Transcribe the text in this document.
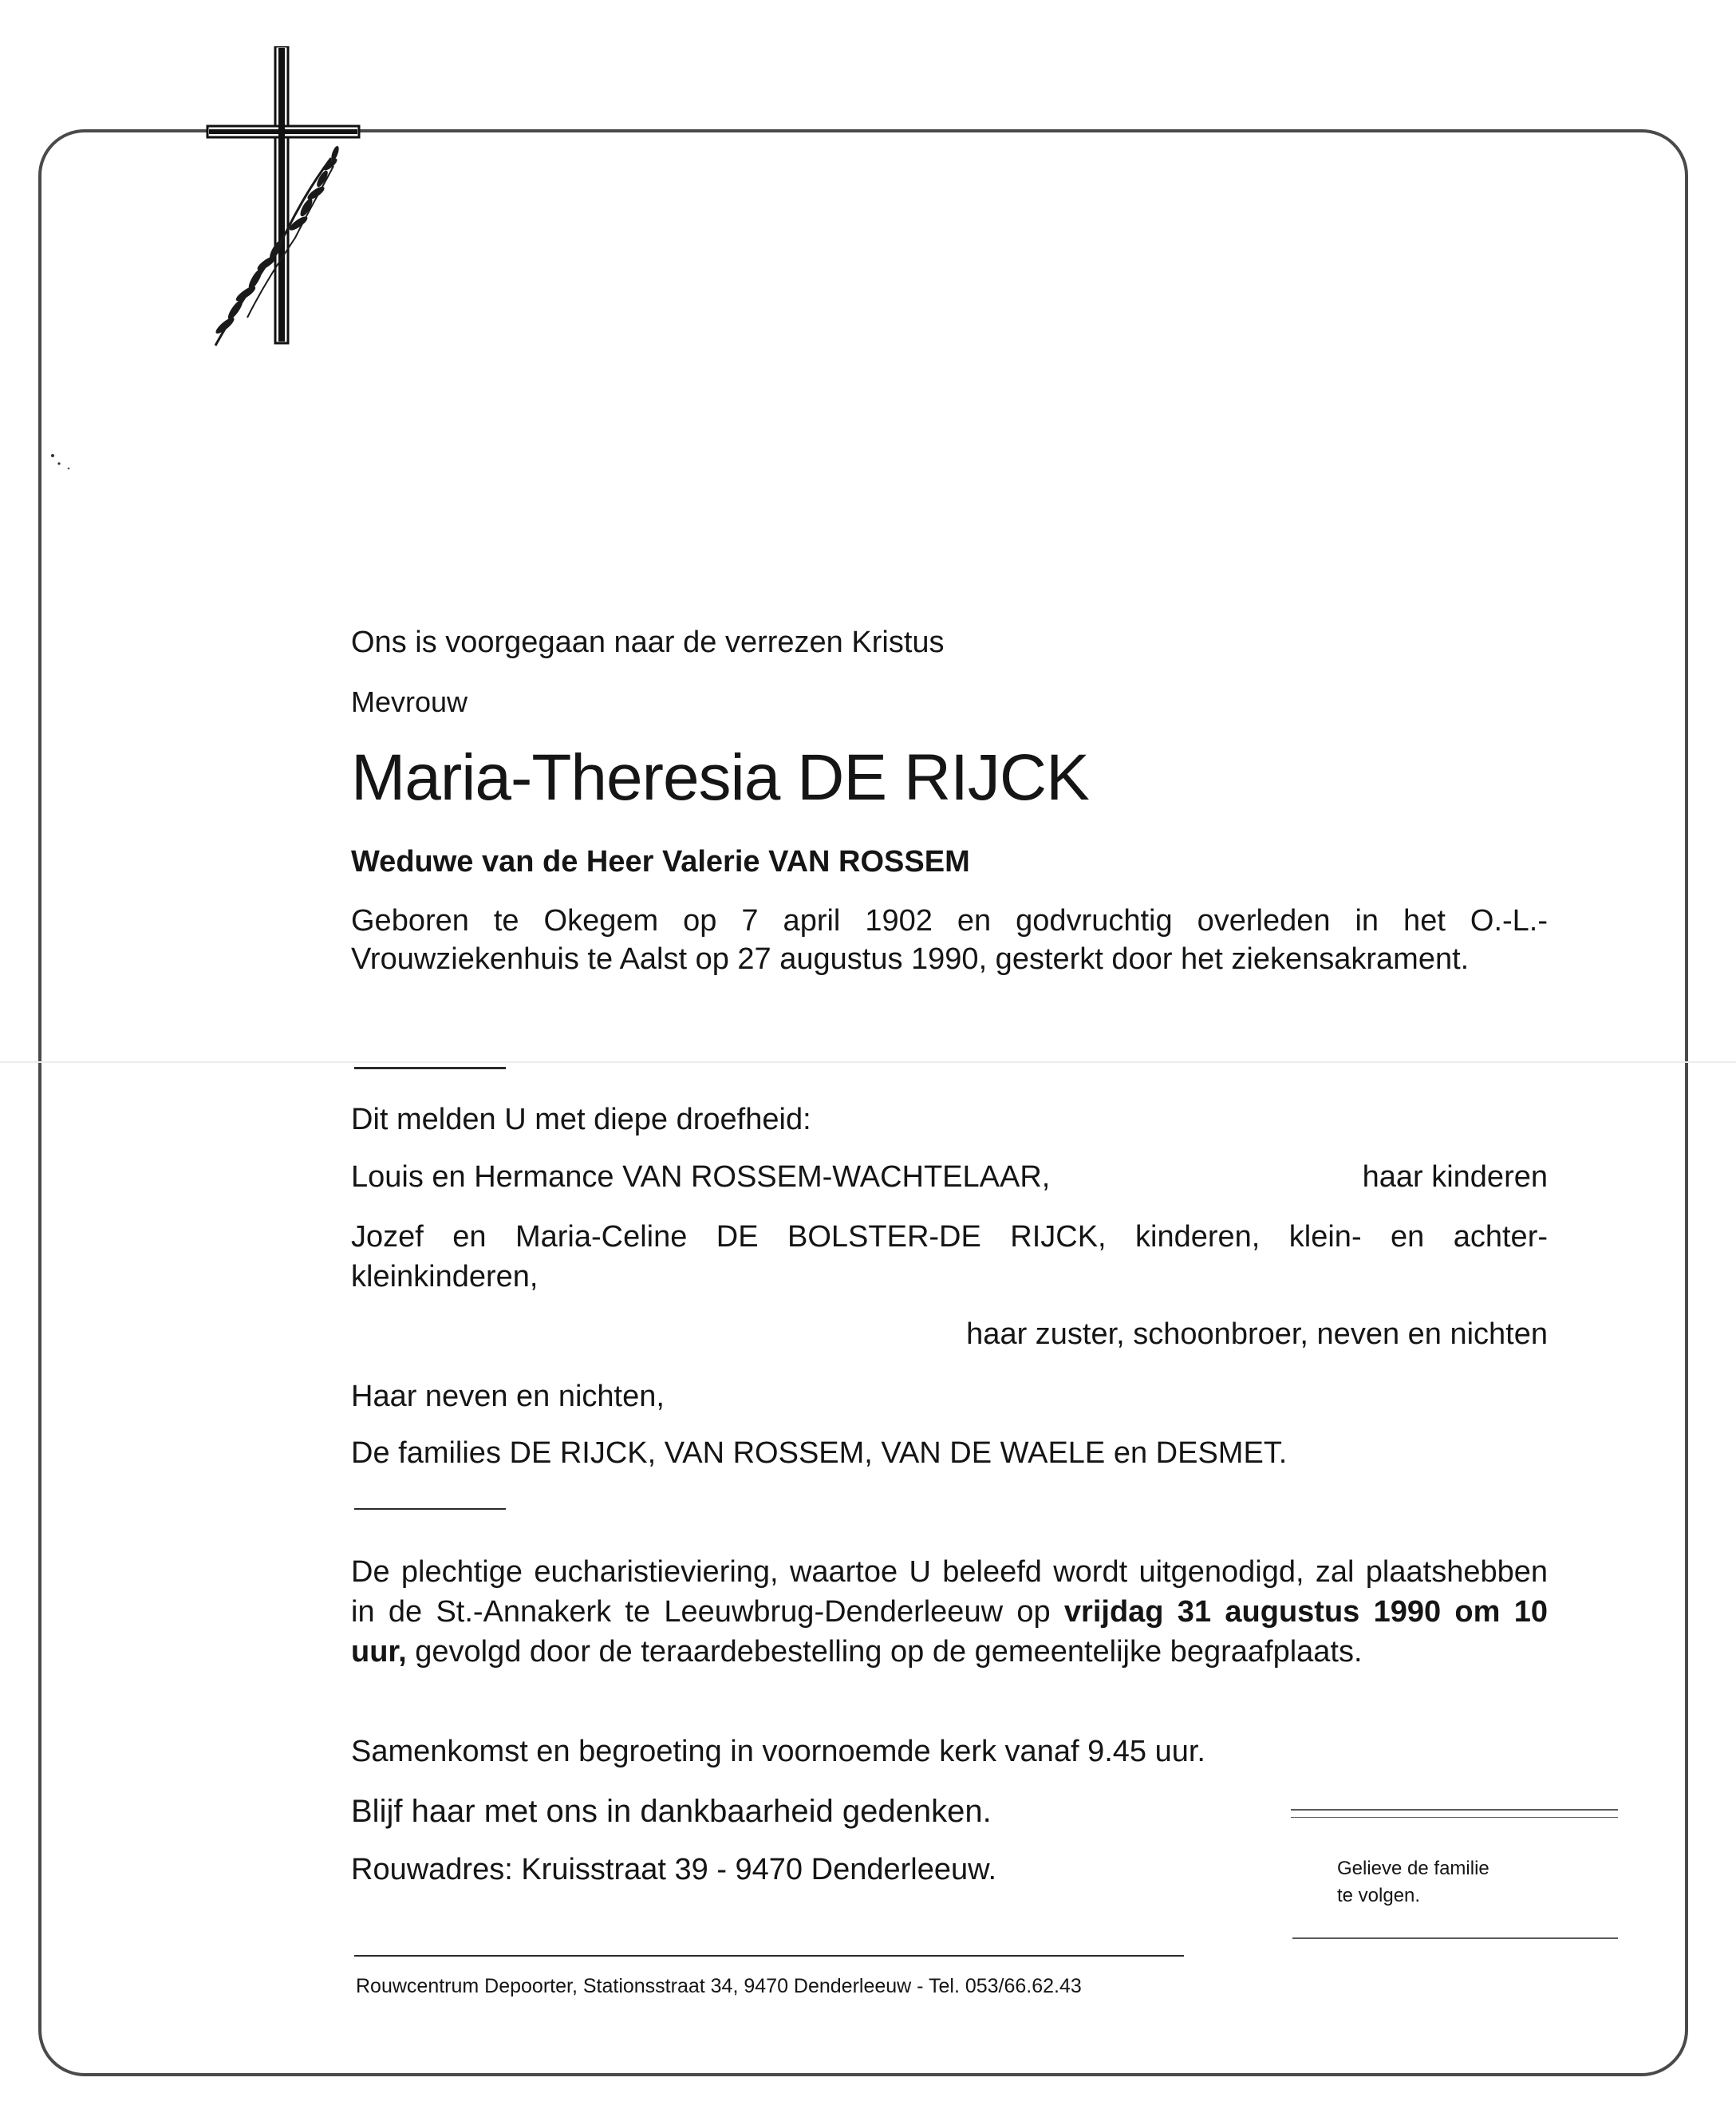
Ons is voorgegaan naar de verrezen Kristus
Mevrouw
Maria-Theresia DE RIJCK
Weduwe van de Heer Valerie VAN ROSSEM
Geboren te Okegem op 7 april 1902 en godvruchtig overleden in het O.-L.-Vrouwziekenhuis te Aalst op 27 augustus 1990, gesterkt door het ziekensakrament.
Dit melden U met diepe droefheid:
Louis en Hermance VAN ROSSEM-WACHTELAAR,	haar kinderen
Jozef en Maria-Celine DE BOLSTER-DE RIJCK, kinderen, klein- en achter-
kleinkinderen,
haar zuster, schoonbroer, neven en nichten
Haar neven en nichten,
De families DE RIJCK, VAN ROSSEM, VAN DE WAELE en DESMET.
De plechtige eucharistieviering, waartoe U beleefd wordt uitgenodigd, zal plaatshebben in de St.-Annakerk te Leeuwbrug-Denderleeuw op vrijdag 31 augustus 1990 om 10 uur, gevolgd door de teraardebestelling op de gemeentelijke begraafplaats.
Samenkomst en begroeting in voornoemde kerk vanaf 9.45 uur.
Blijf haar met ons in dankbaarheid gedenken.
Rouwadres: Kruisstraat 39 - 9470 Denderleeuw.	Gelieve de familie
te volgen.
Rouwcentrum Depoorter, Stationsstraat 34, 9470 Denderleeuw - Tel. 053/66.62.43
